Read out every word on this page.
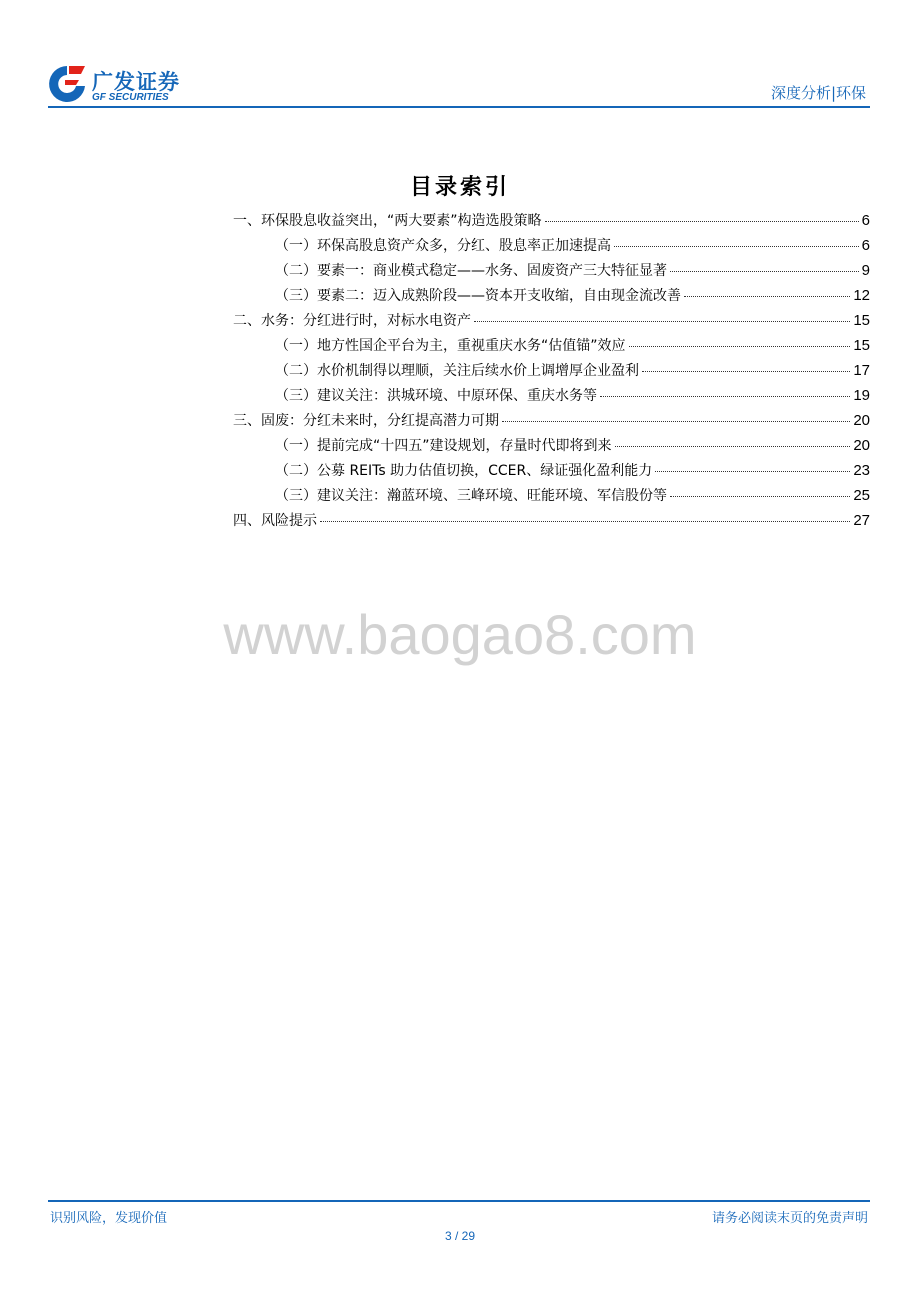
广发证券
GF SECURITIES	深度分析|环保
目录索引
一、环保股息收益突出，“两大要素”构造选股策略	6
（一）环保高股息资产众多，分红、股息率正加速提高	6
（二）要素一：商业模式稳定——水务、固废资产三大特征显著	9
（三）要素二：迈入成熟阶段——资本开支收缩，自由现金流改善	12
二、水务：分红进行时，对标水电资产	15
（一）地方性国企平台为主，重视重庆水务“估值锚”效应	15
（二）水价机制得以理顺，关注后续水价上调增厚企业盈利	17
（三）建议关注：洪城环境、中原环保、重庆水务等	19
三、固废：分红未来时，分红提高潜力可期	20
（一）提前完成“十四五”建设规划，存量时代即将到来	20
（二）公募 REITs 助力估值切换，CCER、绿证强化盈利能力	23
（三）建议关注：瀚蓝环境、三峰环境、旺能环境、军信股份等	25
四、风险提示	27
www.baogao8.com
识别风险，发现价值	请务必阅读末页的免责声明
3 / 29
